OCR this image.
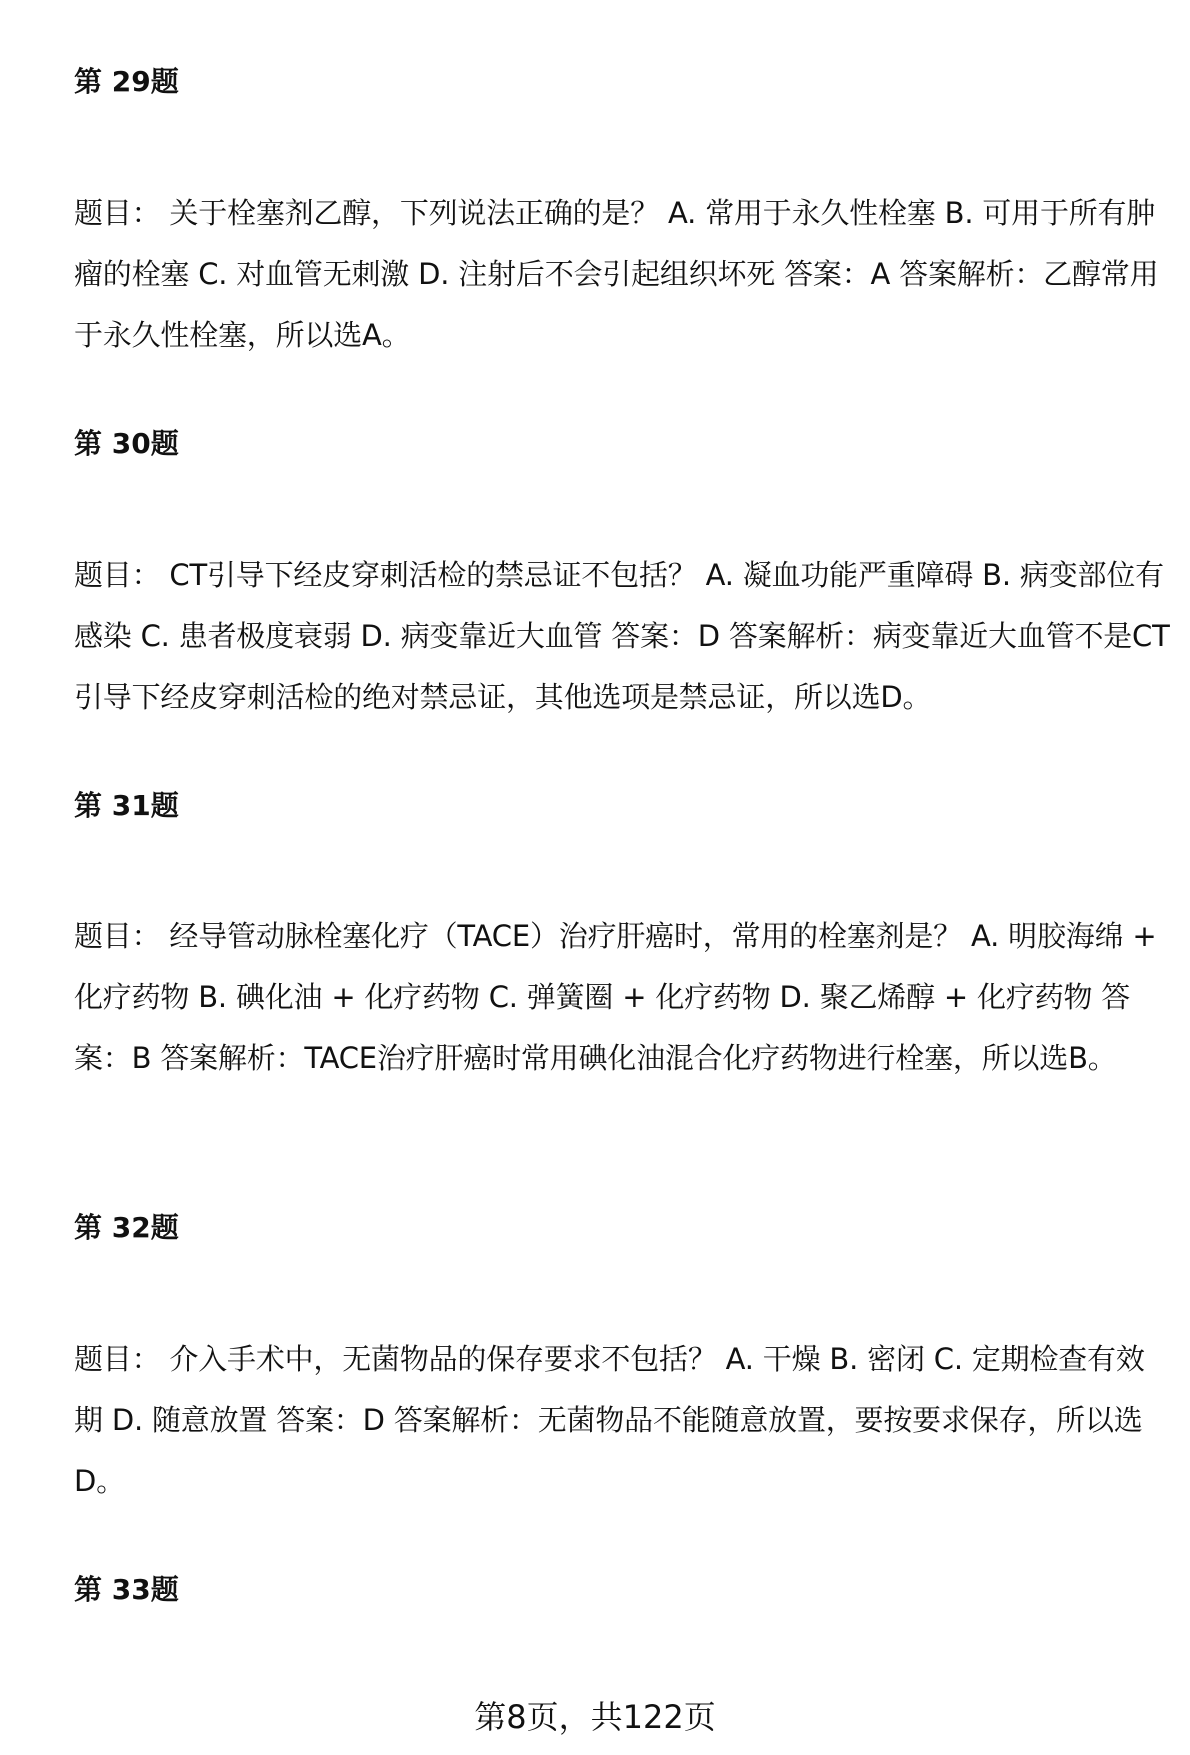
第 29题

题目： 关于栓塞剂乙醇，下列说法正确的是？ A. 常用于永久性栓塞 B. 可用于所有肿瘤的栓塞 C. 对血管无刺激 D. 注射后不会引起组织坏死 答案：A 答案解析：乙醇常用于永久性栓塞，所以选A。

第 30题

题目： CT引导下经皮穿刺活检的禁忌证不包括？ A. 凝血功能严重障碍 B. 病变部位有感染 C. 患者极度衰弱 D. 病变靠近大血管 答案：D 答案解析：病变靠近大血管不是CT引导下经皮穿刺活检的绝对禁忌证，其他选项是禁忌证，所以选D。

第 31题

题目： 经导管动脉栓塞化疗（TACE）治疗肝癌时，常用的栓塞剂是？ A. 明胶海绵 + 化疗药物 B. 碘化油 + 化疗药物 C. 弹簧圈 + 化疗药物 D. 聚乙烯醇 + 化疗药物 答案：B 答案解析：TACE治疗肝癌时常用碘化油混合化疗药物进行栓塞，所以选B。

第 32题

题目： 介入手术中，无菌物品的保存要求不包括？ A. 干燥 B. 密闭 C. 定期检查有效期 D. 随意放置 答案：D 答案解析：无菌物品不能随意放置，要按要求保存，所以选D。

第 33题
第8页，共122页
